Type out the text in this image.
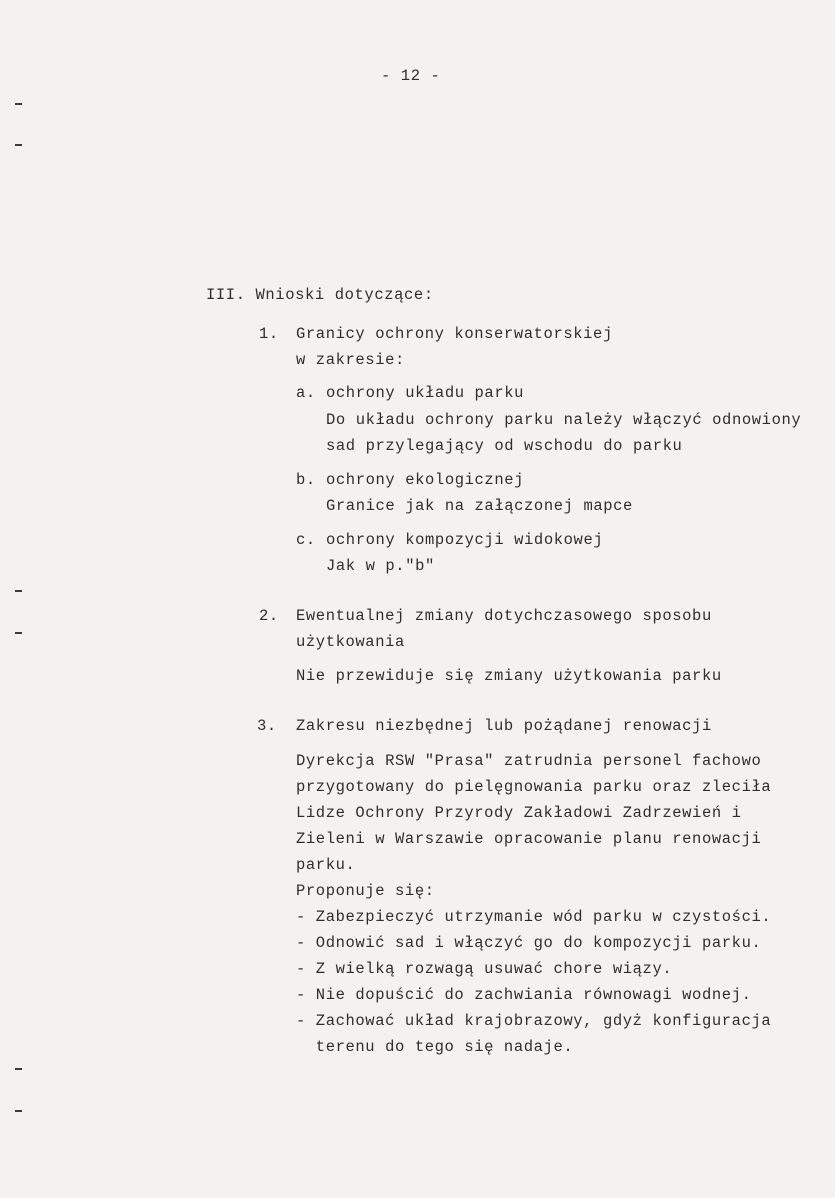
- 12 -
III. Wnioski dotyczące:
1. Granicy ochrony konserwatorskiej
w zakresie:
a. ochrony układu parku
Do układu ochrony parku należy włączyć odnowiony
sad przylegający od wschodu do parku
b. ochrony ekologicznej
Granice jak na załączonej mapce
c. ochrony kompozycji widokowej
Jak w p."b"
2. Ewentualnej zmiany dotychczasowego sposobu
użytkowania
Nie przewiduje się zmiany użytkowania parku
3. Zakresu niezbędnej lub pożądanej renowacji
Dyrekcja RSW "Prasa" zatrudnia personel fachowo
przygotowany do pielęgnowania parku oraz zleciła
Lidze Ochrony Przyrody Zakładowi Zadrzewień i
Zieleni w Warszawie opracowanie planu renowacji
parku.
Proponuje się:
- Zabezpieczyć utrzymanie wód parku w czystości.
- Odnowić sad i włączyć go do kompozycji parku.
- Z wielką rozwagą usuwać chore wiązy.
- Nie dopuścić do zachwiania równowagi wodnej.
- Zachować układ krajobrazowy, gdyż konfiguracja
terenu do tego się nadaje.
